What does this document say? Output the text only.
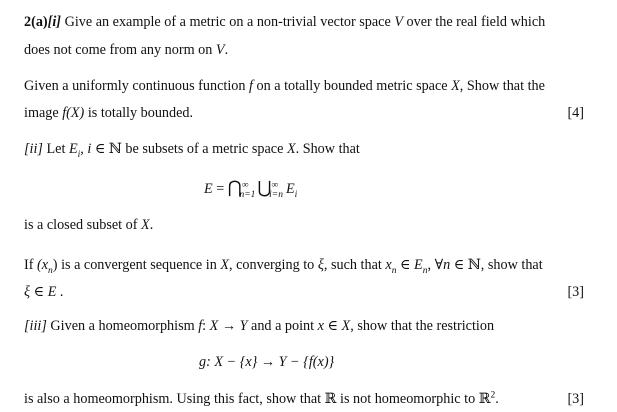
2(a)[i] Give an example of a metric on a non-trivial vector space V over the real field which
does not come from any norm on V.
Given a uniformly continuous function f on a totally bounded metric space X, Show that the
image f(X) is totally bounded.	[4]
[ii] Let $E_i$, i ∈ ℕ be subsets of a metric space X. Show that
$E = ⋂^\infty_{n=1}$ $⋃^\infty_{i=n}$ $E_i$
is a closed subset of X.
If $(x_n)$ is a convergent sequence in X, converging to ξ, such that $x_n$ ∈ $E_n$, ∀n ∈ ℕ, show that
ξ ∈ E .	[3]
[iii] Given a homeomorphism f: X → Y and a point x ∈ X, show that the restriction
g: X − {x} → Y − {f(x)}
is also a homeomorphism. Using this fact, show that ℝ is not homeomorphic to ℝ$^2$.	[3]
